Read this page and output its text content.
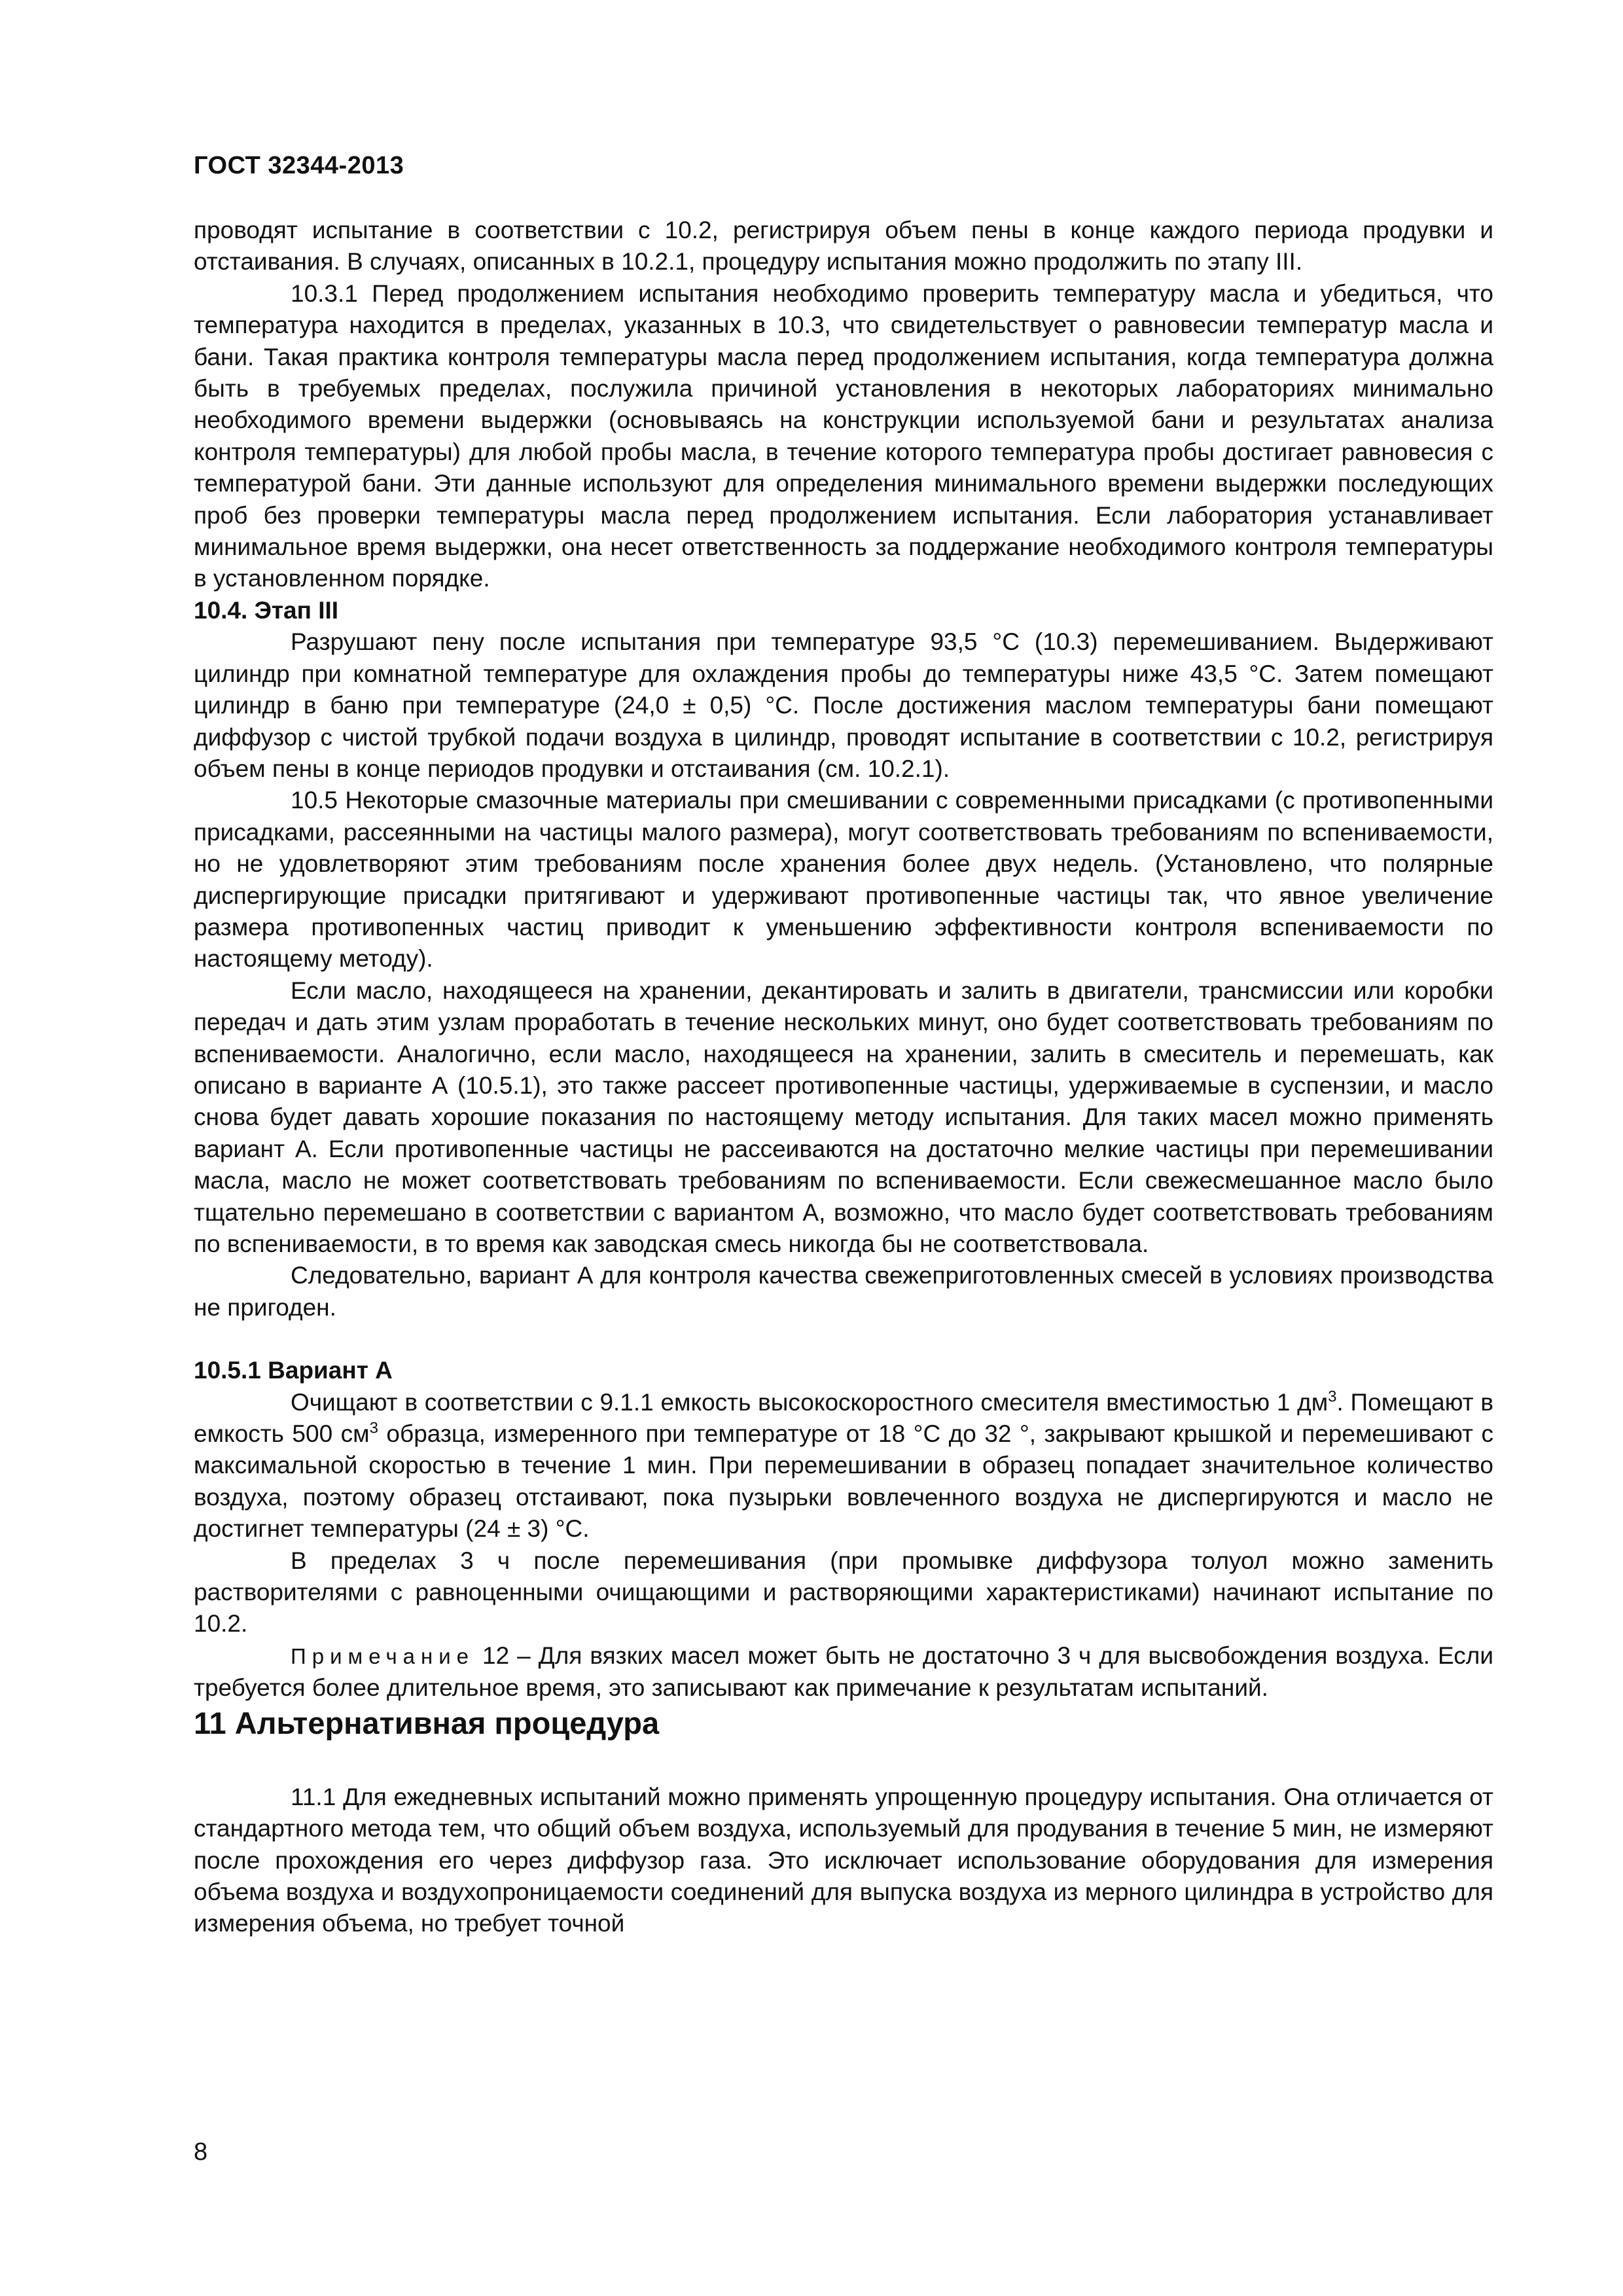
ГОСТ 32344-2013

проводят испытание в соответствии с 10.2, регистрируя объем пены в конце каждого периода продувки и отстаивания. В случаях, описанных в 10.2.1, процедуру испытания можно продолжить по этапу III.

10.3.1 Перед продолжением испытания необходимо проверить температуру масла и убедиться, что температура находится в пределах, указанных в 10.3, что свидетельствует о равновесии температур масла и бани. Такая практика контроля температуры масла перед продолжением испытания, когда температура должна быть в требуемых пределах, послужила причиной установления в некоторых лабораториях минимально необходимого времени выдержки (основываясь на конструкции используемой бани и результатах анализа контроля температуры) для любой пробы масла, в течение которого температура пробы достигает равновесия с температурой бани. Эти данные используют для определения минимального времени выдержки последующих проб без проверки температуры масла перед продолжением испытания. Если лаборатория устанавливает минимальное время выдержки, она несет ответственность за поддержание необходимого контроля температуры в установленном порядке.

10.4. Этап III

Разрушают пену после испытания при температуре 93,5 °С (10.3) перемешиванием. Выдерживают цилиндр при комнатной температуре для охлаждения пробы до температуры ниже 43,5 °С. Затем помещают цилиндр в баню при температуре (24,0 ± 0,5) °С. После достижения маслом температуры бани помещают диффузор с чистой трубкой подачи воздуха в цилиндр, проводят испытание в соответствии с 10.2, регистрируя объем пены в конце периодов продувки и отстаивания (см. 10.2.1).

10.5 Некоторые смазочные материалы при смешивании с современными присадками (с противопенными присадками, рассеянными на частицы малого размера), могут соответствовать требованиям по вспениваемости, но не удовлетворяют этим требованиям после хранения более двух недель. (Установлено, что полярные диспергирующие присадки притягивают и удерживают противопенные частицы так, что явное увеличение размера противопенных частиц приводит к уменьшению эффективности контроля вспениваемости по настоящему методу).

Если масло, находящееся на хранении, декантировать и залить в двигатели, трансмиссии или коробки передач и дать этим узлам проработать в течение нескольких минут, оно будет соответствовать требованиям по вспениваемости. Аналогично, если масло, находящееся на хранении, залить в смеситель и перемешать, как описано в варианте А (10.5.1), это также рассеет противопенные частицы, удерживаемые в суспензии, и масло снова будет давать хорошие показания по настоящему методу испытания. Для таких масел можно применять вариант А. Если противопенные частицы не рассеиваются на достаточно мелкие частицы при перемешивании масла, масло не может соответствовать требованиям по вспениваемости. Если свежесмешанное масло было тщательно перемешано в соответствии с вариантом А, возможно, что масло будет соответствовать требованиям по вспениваемости, в то время как заводская смесь никогда бы не соответствовала.

Следовательно, вариант А для контроля качества свежеприготовленных смесей в условиях производства не пригоден.

10.5.1 Вариант А

Очищают в соответствии с 9.1.1 емкость высокоскоростного смесителя вместимостью 1 $дм^3$. Помещают в емкость 500 $см^3$ образца, измеренного при температуре от 18 °С до 32 °, закрывают крышкой и перемешивают с максимальной скоростью в течение 1 мин. При перемешивании в образец попадает значительное количество воздуха, поэтому образец отстаивают, пока пузырьки вовлеченного воздуха не диспергируются и масло не достигнет температуры (24 ± 3) °С.

В пределах 3 ч после перемешивания (при промывке диффузора толуол можно заменить растворителями с равноценными очищающими и растворяющими характеристиками) начинают испытание по 10.2.

Примечание 12 – Для вязких масел может быть не достаточно 3 ч для высвобождения воздуха. Если требуется более длительное время, это записывают как примечание к результатам испытаний.

11 Альтернативная процедура

11.1 Для ежедневных испытаний можно применять упрощенную процедуру испытания. Она отличается от стандартного метода тем, что общий объем воздуха, используемый для продувания в течение 5 мин, не измеряют после прохождения его через диффузор газа. Это исключает использование оборудования для измерения объема воздуха и воздухопроницаемости соединений для выпуска воздуха из мерного цилиндра в устройство для измерения объема, но требует точной

8
